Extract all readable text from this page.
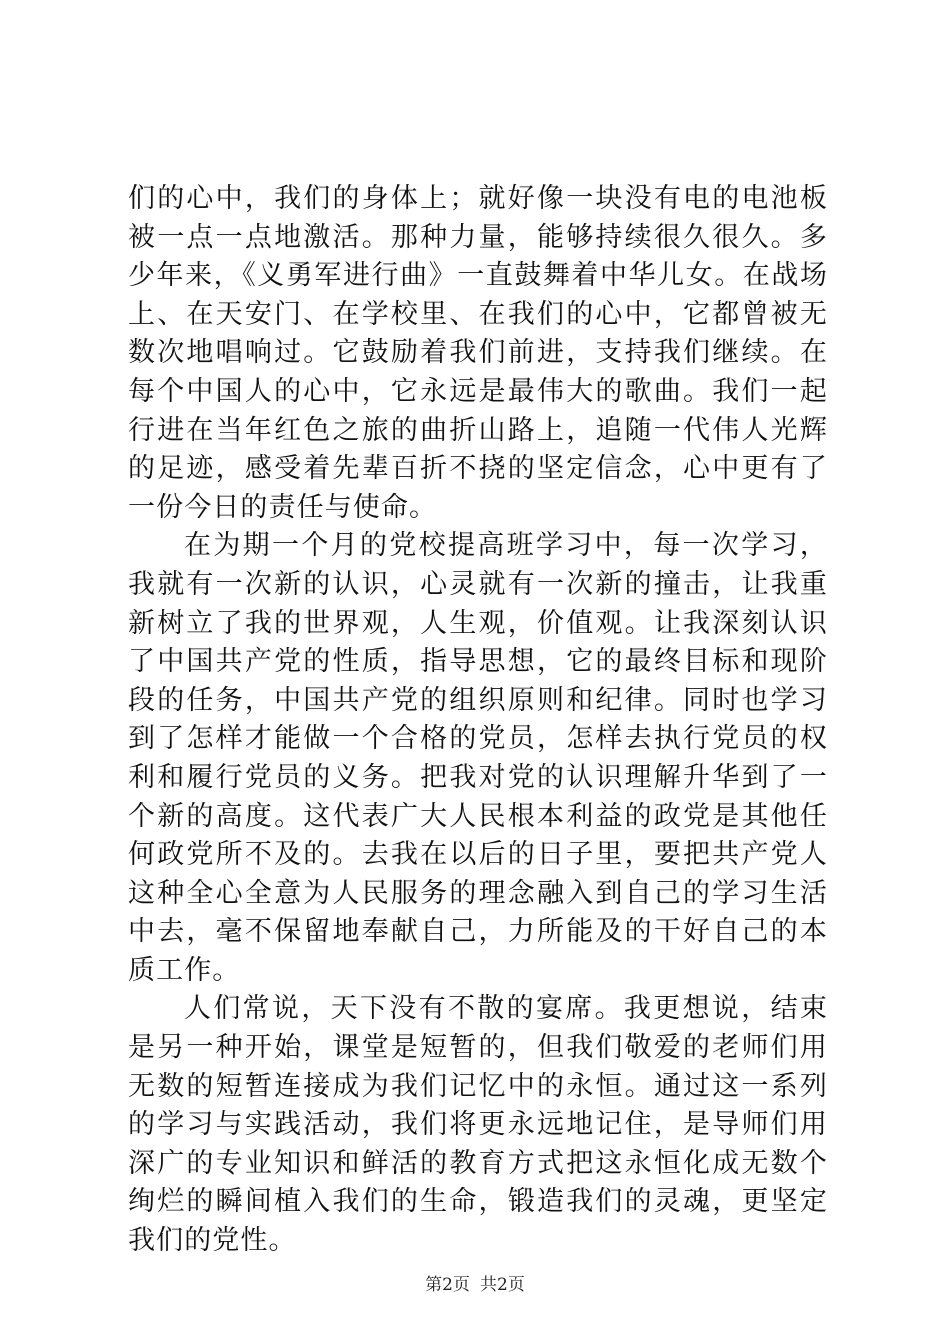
们的心中，我们的身体上；就好像一块没有电的电池板被一点一点地激活。那种力量，能够持续很久很久。多少年来，《义勇军进行曲》一直鼓舞着中华儿女。在战场上、在天安门、在学校里、在我们的心中，它都曾被无数次地唱响过。它鼓励着我们前进，支持我们继续。在每个中国人的心中，它永远是最伟大的歌曲。我们一起行进在当年红色之旅的曲折山路上，追随一代伟人光辉的足迹，感受着先辈百折不挠的坚定信念，心中更有了一份今日的责任与使命。

在为期一个月的党校提高班学习中，每一次学习，我就有一次新的认识，心灵就有一次新的撞击，让我重新树立了我的世界观，人生观，价值观。让我深刻认识了中国共产党的性质，指导思想，它的最终目标和现阶段的任务，中国共产党的组织原则和纪律。同时也学习到了怎样才能做一个合格的党员，怎样去执行党员的权利和履行党员的义务。把我对党的认识理解升华到了一个新的高度。这代表广大人民根本利益的政党是其他任何政党所不及的。去我在以后的日子里，要把共产党人这种全心全意为人民服务的理念融入到自己的学习生活中去，毫不保留地奉献自己，力所能及的干好自己的本质工作。

人们常说，天下没有不散的宴席。我更想说，结束是另一种开始，课堂是短暂的，但我们敬爱的老师们用无数的短暂连接成为我们记忆中的永恒。通过这一系列的学习与实践活动，我们将更永远地记住，是导师们用深广的专业知识和鲜活的教育方式把这永恒化成无数个绚烂的瞬间植入我们的生命，锻造我们的灵魂，更坚定我们的党性。

第2页 共2页
